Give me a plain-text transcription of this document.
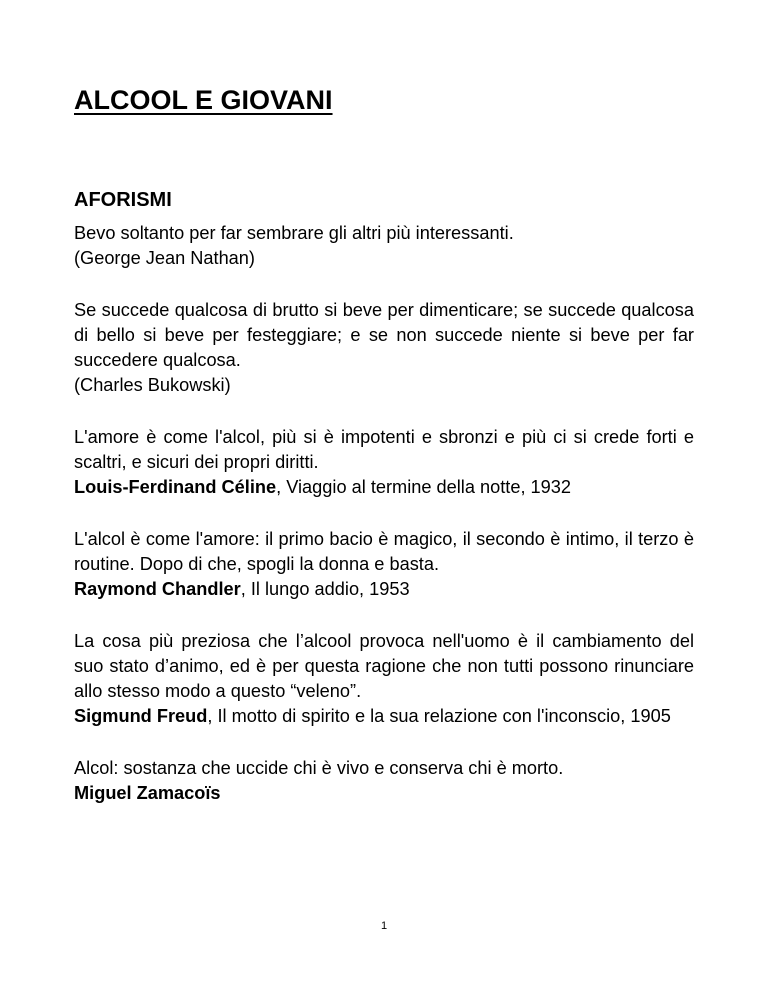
ALCOOL E GIOVANI
AFORISMI

Bevo soltanto per far sembrare gli altri più interessanti.

(George Jean Nathan)

Se succede qualcosa di brutto si beve per dimenticare; se succede qualcosa di bello si beve per festeggiare; e se non succede niente si beve per far succedere qualcosa.

(Charles Bukowski)

L'amore è come l'alcol, più si è impotenti e sbronzi e più ci si crede forti e scaltri, e sicuri dei propri diritti.

Louis-Ferdinand Céline, Viaggio al termine della notte, 1932

L'alcol è come l'amore: il primo bacio è magico, il secondo è intimo, il terzo è routine. Dopo di che, spogli la donna e basta.

Raymond Chandler, Il lungo addio, 1953

La cosa più preziosa che l’alcool provoca nell'uomo è il cambiamento del suo stato d’animo, ed è per questa ragione che non tutti possono rinunciare allo stesso modo a questo “veleno”.

Sigmund Freud, Il motto di spirito e la sua relazione con l'inconscio, 1905

Alcol: sostanza che uccide chi è vivo e conserva chi è morto.

Miguel Zamacoïs

1
